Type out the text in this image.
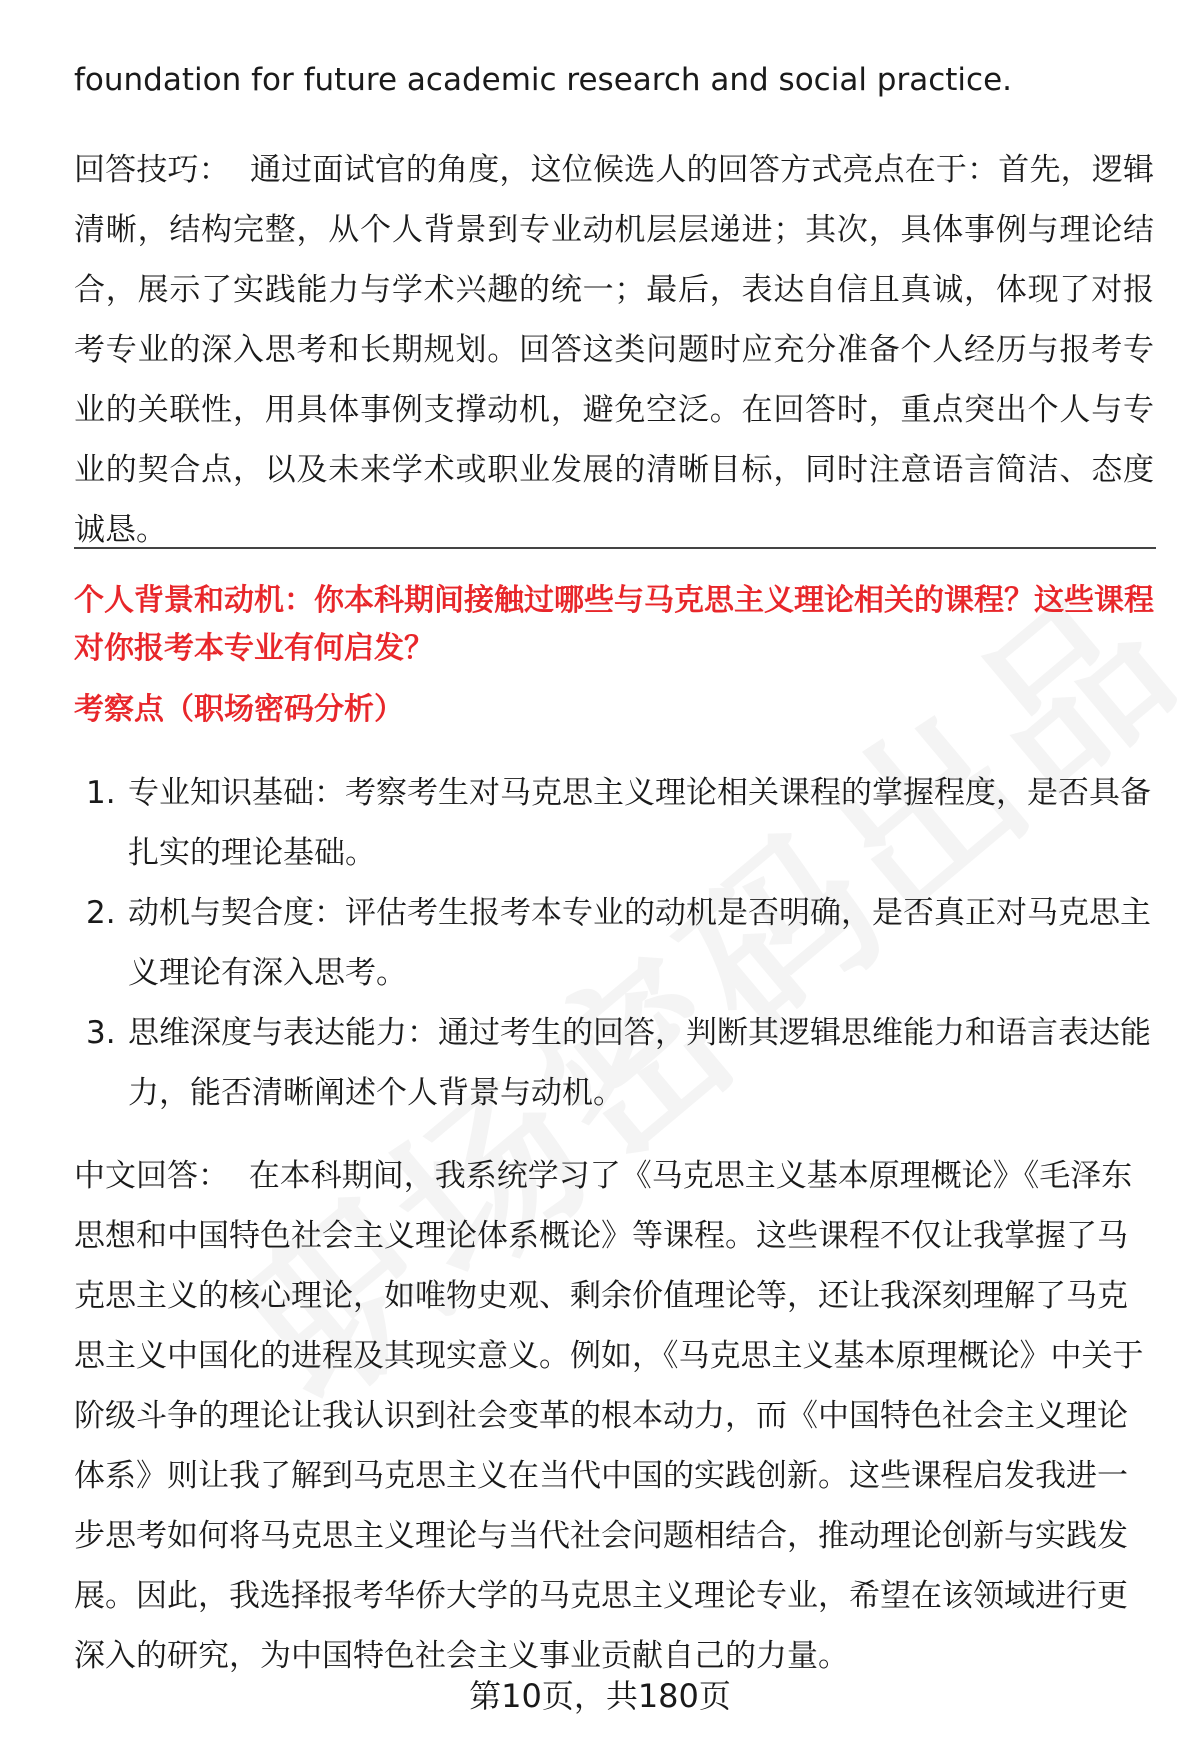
foundation for future academic research and social practice.

回答技巧： 通过面试官的角度，这位候选人的回答方式亮点在于：首先，逻辑清晰，结构完整，从个人背景到专业动机层层递进；其次，具体事例与理论结合，展示了实践能力与学术兴趣的统一；最后，表达自信且真诚，体现了对报考专业的深入思考和长期规划。回答这类问题时应充分准备个人经历与报考专业的关联性，用具体事例支撑动机，避免空泛。在回答时，重点突出个人与专业的契合点，以及未来学术或职业发展的清晰目标，同时注意语言简洁、态度诚恳。

个人背景和动机：你本科期间接触过哪些与马克思主义理论相关的课程？这些课程对你报考本专业有何启发？

考察点（职场密码分析）

1. 专业知识基础：考察考生对马克思主义理论相关课程的掌握程度，是否具备扎实的理论基础。
2. 动机与契合度：评估考生报考本专业的动机是否明确，是否真正对马克思主义理论有深入思考。
3. 思维深度与表达能力：通过考生的回答，判断其逻辑思维能力和语言表达能力，能否清晰阐述个人背景与动机。

中文回答： 在本科期间，我系统学习了《马克思主义基本原理概论》《毛泽东思想和中国特色社会主义理论体系概论》等课程。这些课程不仅让我掌握了马克思主义的核心理论，如唯物史观、剩余价值理论等，还让我深刻理解了马克思主义中国化的进程及其现实意义。例如，《马克思主义基本原理概论》中关于阶级斗争的理论让我认识到社会变革的根本动力，而《中国特色社会主义理论体系》则让我了解到马克思主义在当代中国的实践创新。这些课程启发我进一步思考如何将马克思主义理论与当代社会问题相结合，推动理论创新与实践发展。因此，我选择报考华侨大学的马克思主义理论专业，希望在该领域进行更深入的研究，为中国特色社会主义事业贡献自己的力量。

第10页，共180页
